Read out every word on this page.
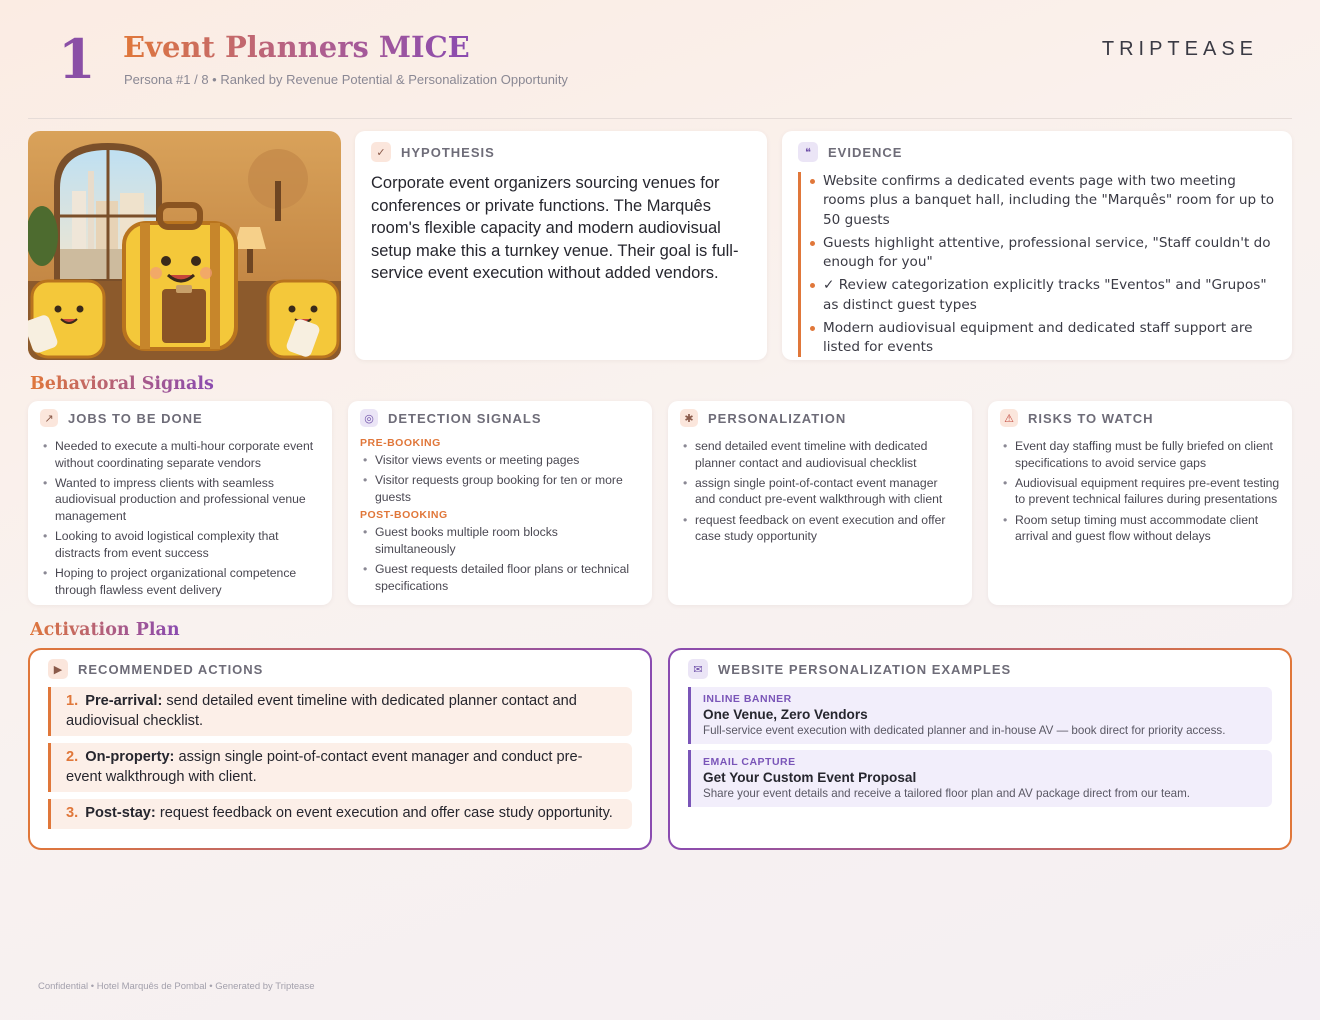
1 Event Planners MICE
Persona #1 / 8 • Ranked by Revenue Potential & Personalization Opportunity
TRIPTEASE
✓	HYPOTHESIS

Corporate event organizers sourcing venues for conferences or private functions. The Marquês room's flexible capacity and modern audiovisual setup make this a turnkey venue. Their goal is full-service event execution without added vendors.

❝	EVIDENCE
Website confirms a dedicated events page with two meeting rooms plus a banquet hall, including the "Marquês" room for up to 50 guests
Guests highlight attentive, professional service, "Staff couldn't do enough for you"
✓ Review categorization explicitly tracks "Eventos" and "Grupos" as distinct guest types
Modern audiovisual equipment and dedicated staff support are listed for events
Behavioral Signals
↗	JOBS TO BE DONE
• Needed to execute a multi-hour corporate event without coordinating separate vendors
• Wanted to impress clients with seamless audiovisual production and professional venue management
• Looking to avoid logistical complexity that distracts from event success
• Hoping to project organizational competence through flawless event delivery
◎	DETECTION SIGNALS
PRE-BOOKING
• Visitor views events or meeting pages
• Visitor requests group booking for ten or more guests
POST-BOOKING
• Guest books multiple room blocks simultaneously
• Guest requests detailed floor plans or technical specifications
✱	PERSONALIZATION
• send detailed event timeline with dedicated planner contact and audiovisual checklist
• assign single point-of-contact event manager and conduct pre-event walkthrough with client
• request feedback on event execution and offer case study opportunity
⚠	RISKS TO WATCH
• Event day staffing must be fully briefed on client specifications to avoid service gaps
• Audiovisual equipment requires pre-event testing to prevent technical failures during presentations
• Room setup timing must accommodate client arrival and guest flow without delays
Activation Plan
▶	RECOMMENDED ACTIONS
1. Pre-arrival: send detailed event timeline with dedicated planner contact and audiovisual checklist.
2. On-property: assign single point-of-contact event manager and conduct pre-event walkthrough with client.
3. Post-stay: request feedback on event execution and offer case study opportunity.
✉	WEBSITE PERSONALIZATION EXAMPLES
INLINE BANNER
One Venue, Zero Vendors
Full-service event execution with dedicated planner and in-house AV — book direct for priority access.
EMAIL CAPTURE
Get Your Custom Event Proposal
Share your event details and receive a tailored floor plan and AV package direct from our team.
Confidential • Hotel Marquês de Pombal • Generated by Triptease
